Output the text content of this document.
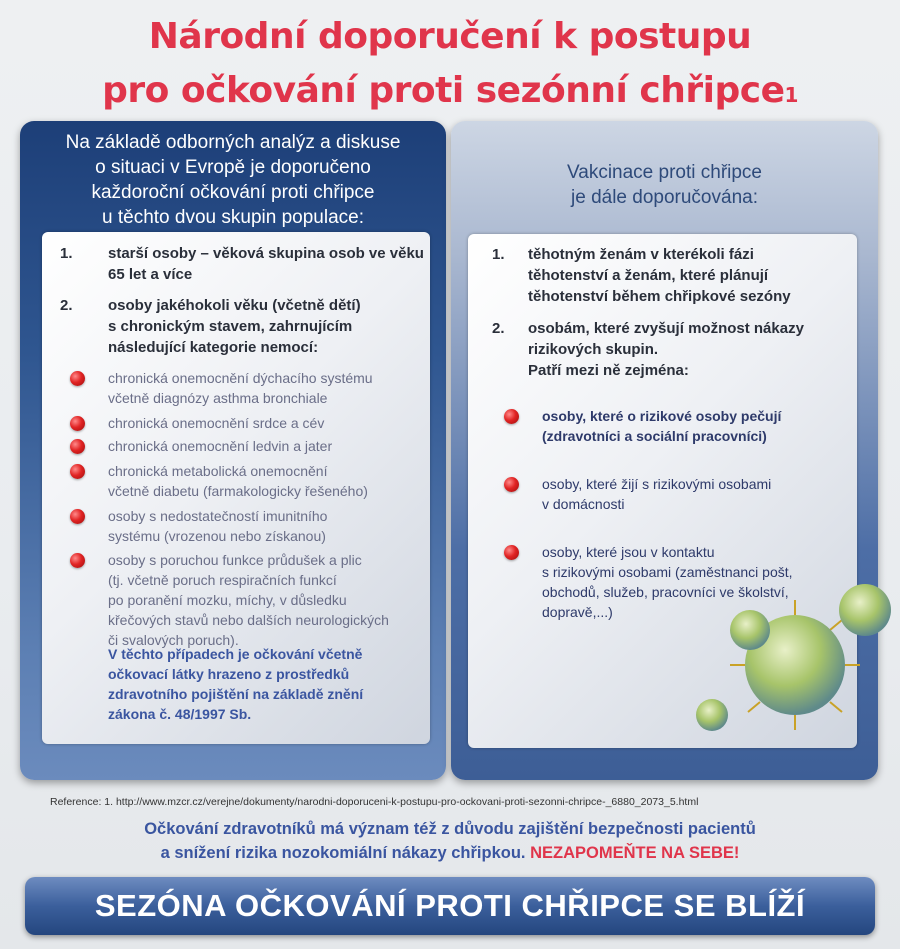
Národní doporučení k postupu
pro očkování proti sezónní chřipce$^1$
Na základě odborných analýz a diskuse
o situaci v Evropě je doporučeno
každoroční očkování proti chřipce
u těchto dvou skupin populace:
1. starší osoby – věková skupina osob ve věku
65 let a více
2. osoby jakéhokoli věku (včetně dětí)
s chronickým stavem, zahrnujícím
následující kategorie nemocí:
chronická onemocnění dýchacího systému
včetně diagnózy asthma bronchiale
chronická onemocnění srdce a cév
chronická onemocnění ledvin a jater
chronická metabolická onemocnění
včetně diabetu (farmakologicky řešeného)
osoby s nedostatečností imunitního
systému (vrozenou nebo získanou)
osoby s poruchou funkce průdušek a plic
(tj. včetně poruch respiračních funkcí
po poranění mozku, míchy, v důsledku
křečových stavů nebo dalších neurologických
či svalových poruch).
V těchto případech je očkování včetně
očkovací látky hrazeno z prostředků
zdravotního pojištění na základě znění
zákona č. 48/1997 Sb.
Vakcinace proti chřipce
je dále doporučována:
1. těhotným ženám v kterékoli fázi
těhotenství a ženám, které plánují
těhotenství během chřipkové sezóny
2. osobám, které zvyšují možnost nákazy
rizikových skupin.
Patří mezi ně zejména:
osoby, které o rizikové osoby pečují
(zdravotníci a sociální pracovníci)
osoby, které žijí s rizikovými osobami
v domácnosti
osoby, které jsou v kontaktu
s rizikovými osobami (zaměstnanci pošt,
obchodů, služeb, pracovníci ve školství,
dopravě,...)
Reference: 1. http://www.mzcr.cz/verejne/dokumenty/narodni-doporuceni-k-postupu-pro-ockovani-proti-sezonni-chripce-_6880_2073_5.html
Očkování zdravotníků má význam též z důvodu zajištění bezpečnosti pacientů
a snížení rizika nozokomiální nákazy chřipkou. NEZAPOMEŇTE NA SEBE!
SEZÓNA OČKOVÁNÍ PROTI CHŘIPCE SE BLÍŽÍ
